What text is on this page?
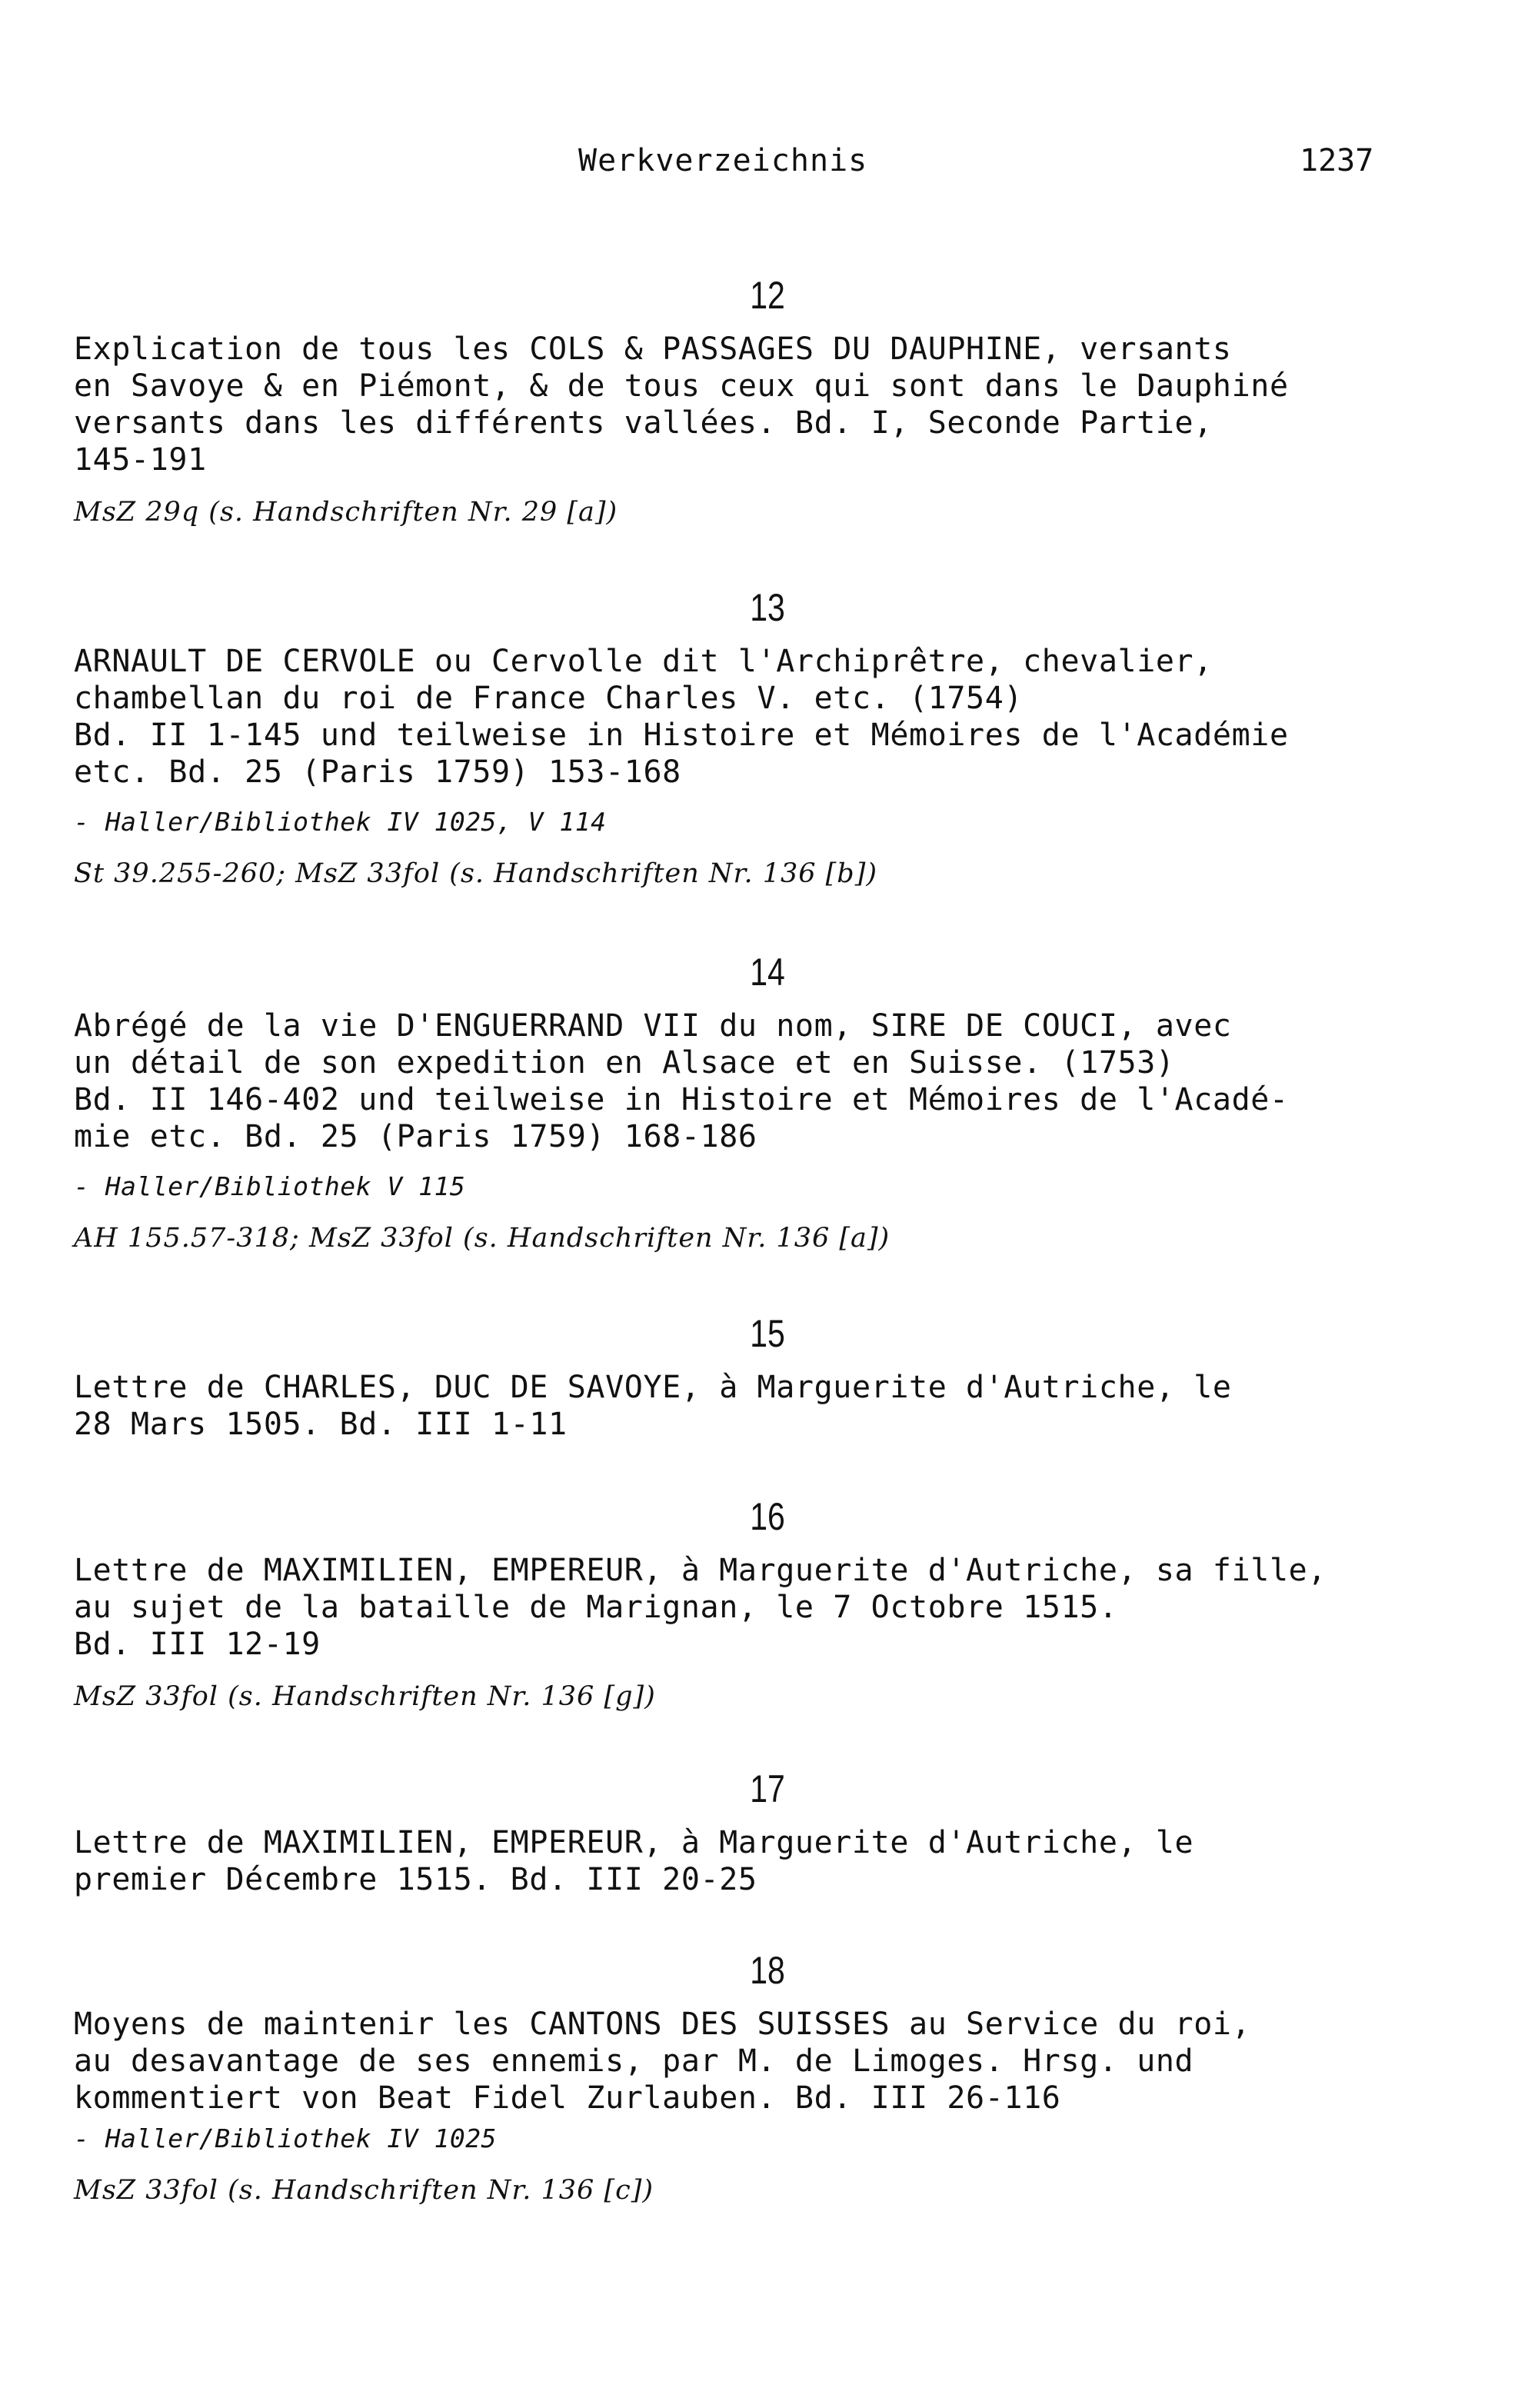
Werkverzeichnis	1237
12

Explication de tous les COLS & PASSAGES DU DAUPHINE, versants
en Savoye & en Piémont, & de tous ceux qui sont dans le Dauphiné
versants dans les différents vallées. Bd. I, Seconde Partie,
145-191

MsZ 29q (s. Handschriften Nr. 29 [a])

13

ARNAULT DE CERVOLE ou Cervolle dit l'Archiprêtre, chevalier,
chambellan du roi de France Charles V. etc. (1754)
Bd. II 1-145 und teilweise in Histoire et Mémoires de l'Académie
etc. Bd. 25 (Paris 1759) 153-168

- Haller/Bibliothek IV 1025, V 114

St 39.255-260; MsZ 33fol (s. Handschriften Nr. 136 [b])

14

Abrégé de la vie D'ENGUERRAND VII du nom, SIRE DE COUCI, avec
un détail de son expedition en Alsace et en Suisse. (1753)
Bd. II 146-402 und teilweise in Histoire et Mémoires de l'Acadé-
mie etc. Bd. 25 (Paris 1759) 168-186

- Haller/Bibliothek V 115

AH 155.57-318; MsZ 33fol (s. Handschriften Nr. 136 [a])

15

Lettre de CHARLES, DUC DE SAVOYE, à Marguerite d'Autriche, le
28 Mars 1505. Bd. III 1-11

16

Lettre de MAXIMILIEN, EMPEREUR, à Marguerite d'Autriche, sa fille,
au sujet de la bataille de Marignan, le 7 Octobre 1515.
Bd. III 12-19

MsZ 33fol (s. Handschriften Nr. 136 [g])

17

Lettre de MAXIMILIEN, EMPEREUR, à Marguerite d'Autriche, le
premier Décembre 1515. Bd. III 20-25

18

Moyens de maintenir les CANTONS DES SUISSES au Service du roi,
au desavantage de ses ennemis, par M. de Limoges. Hrsg. und
kommentiert von Beat Fidel Zurlauben. Bd. III 26-116

- Haller/Bibliothek IV 1025

MsZ 33fol (s. Handschriften Nr. 136 [c])
